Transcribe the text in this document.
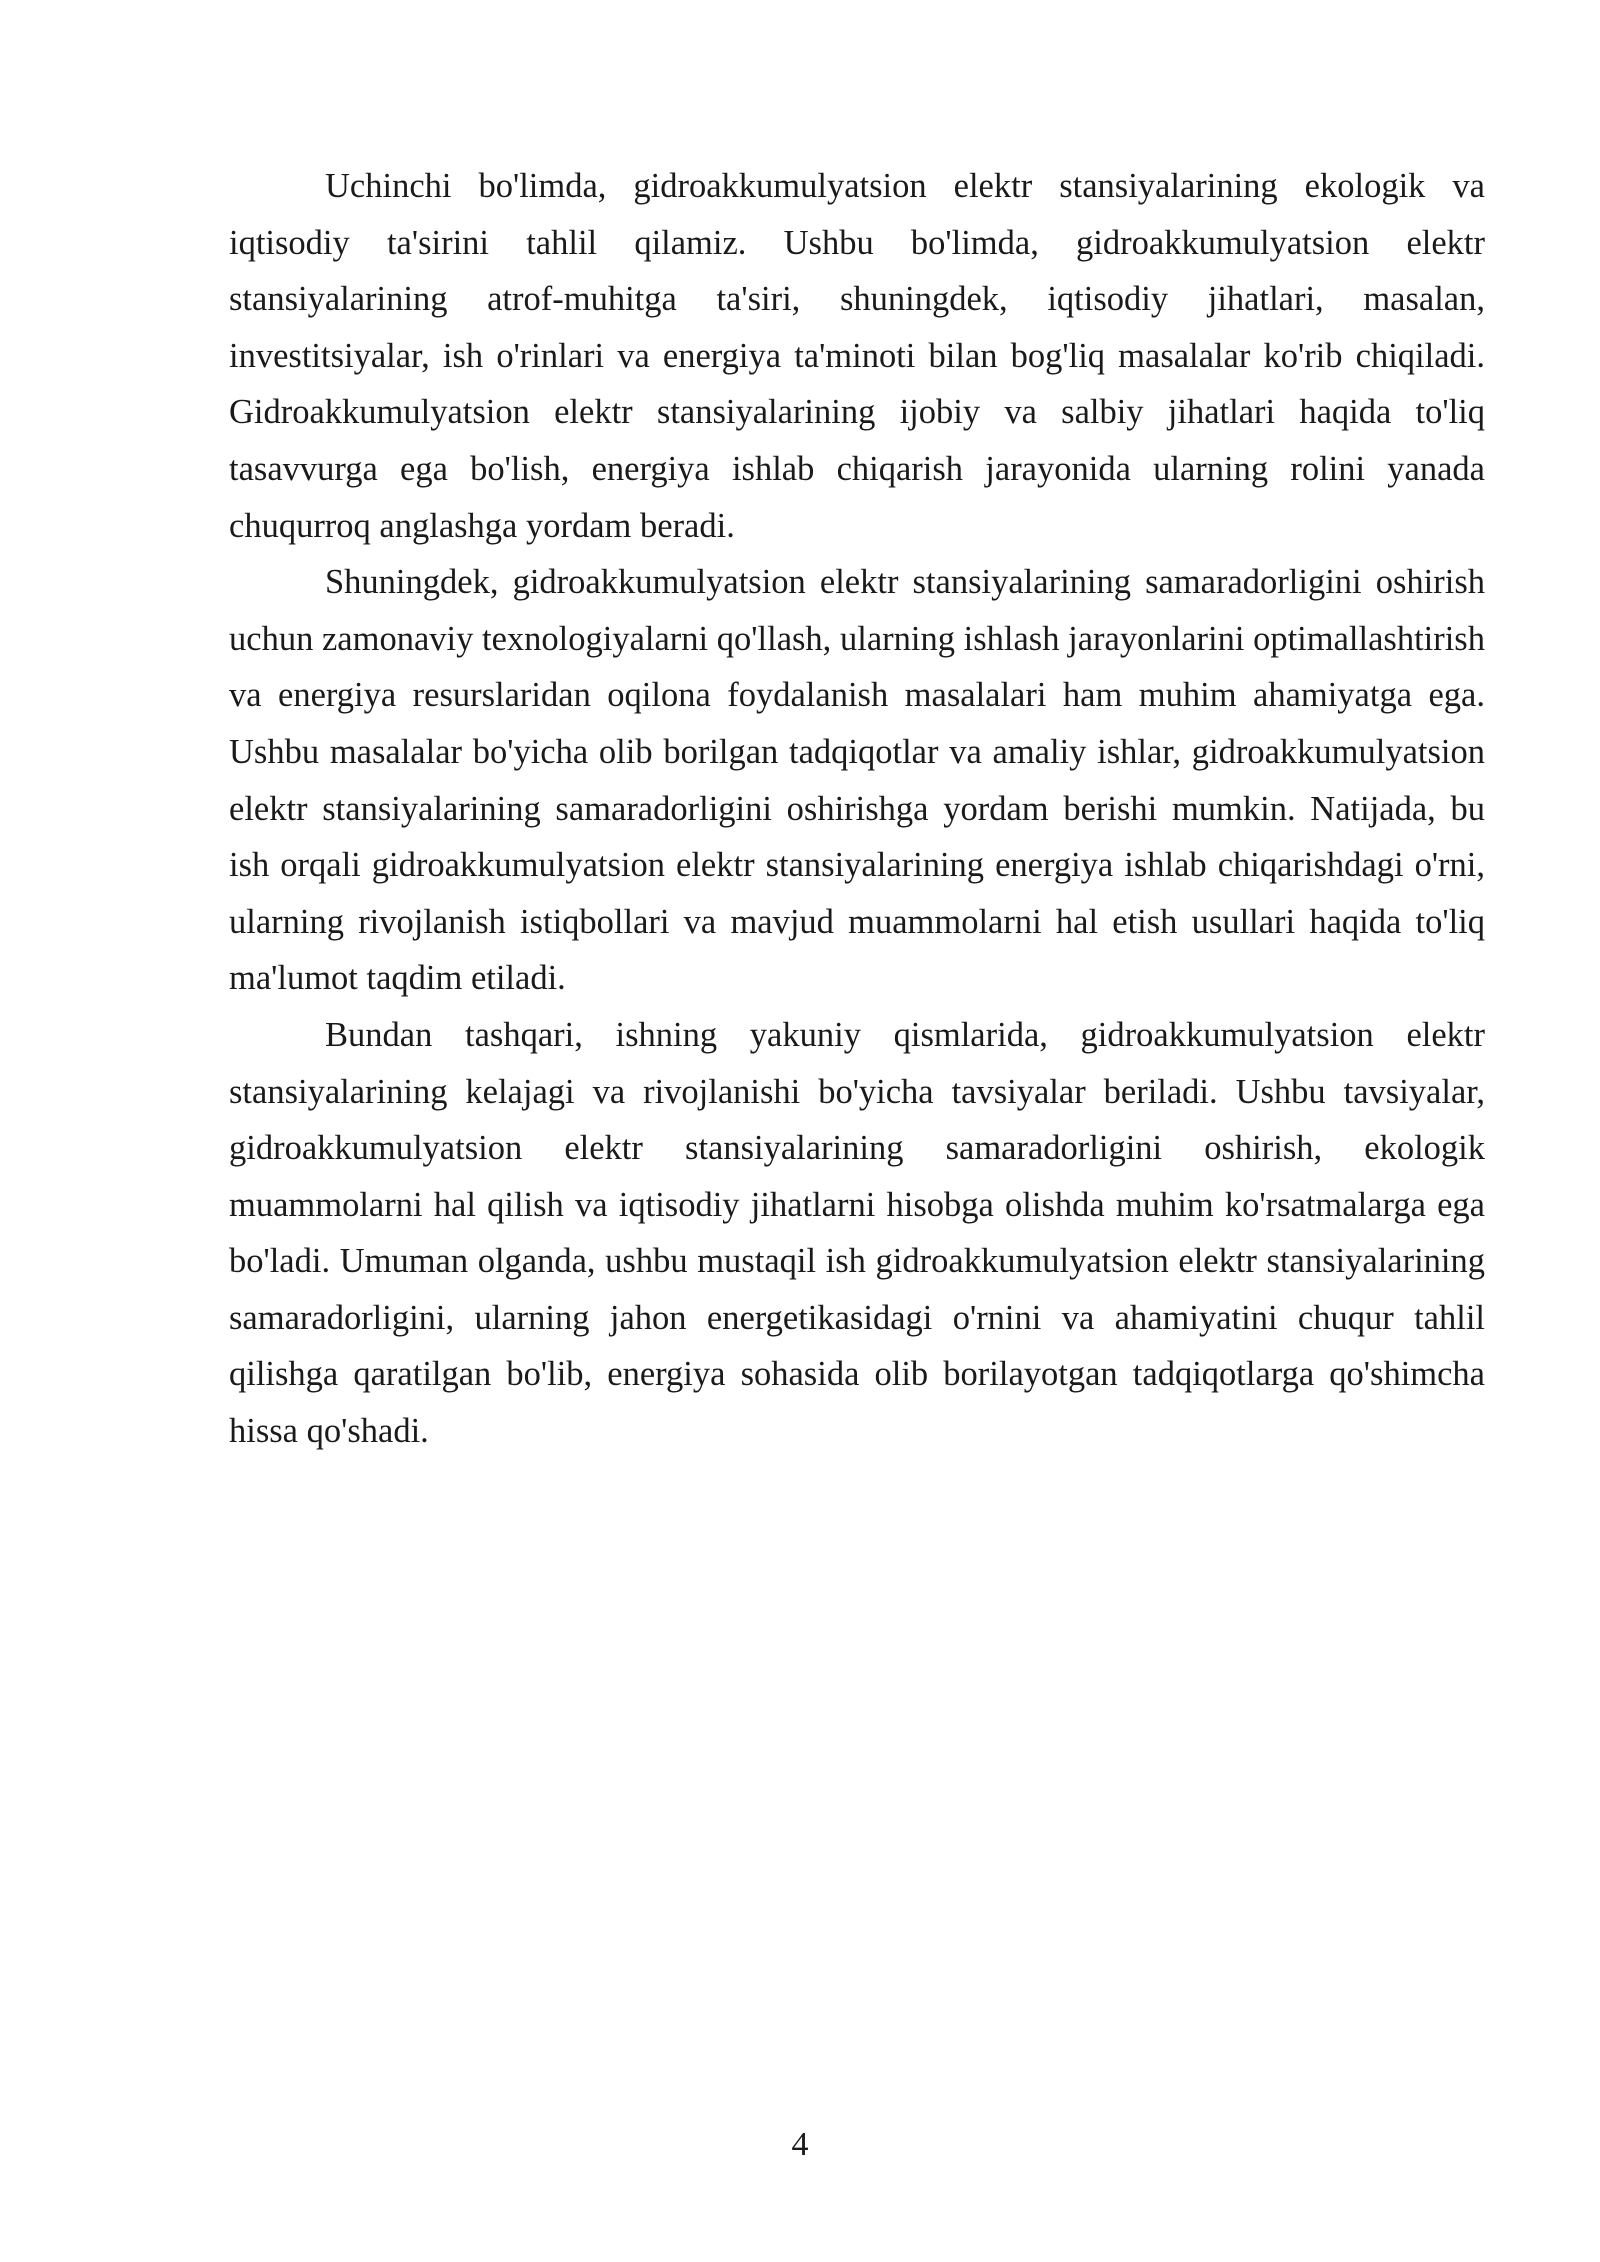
Uchinchi bo'limda, gidroakkumulyatsion elektr stansiyalarining ekologik va iqtisodiy ta'sirini tahlil qilamiz. Ushbu bo'limda, gidroakkumulyatsion elektr stansiyalarining atrof-muhitga ta'siri, shuningdek, iqtisodiy jihatlari, masalan, investitsiyalar, ish o'rinlari va energiya ta'minoti bilan bog'liq masalalar ko'rib chiqiladi. Gidroakkumulyatsion elektr stansiyalarining ijobiy va salbiy jihatlari haqida to'liq tasavvurga ega bo'lish, energiya ishlab chiqarish jarayonida ularning rolini yanada chuqurroq anglashga yordam beradi.

Shuningdek, gidroakkumulyatsion elektr stansiyalarining samaradorligini oshirish uchun zamonaviy texnologiyalarni qo'llash, ularning ishlash jarayonlarini optimallashtirish va energiya resurslaridan oqilona foydalanish masalalari ham muhim ahamiyatga ega. Ushbu masalalar bo'yicha olib borilgan tadqiqotlar va amaliy ishlar, gidroakkumulyatsion elektr stansiyalarining samaradorligini oshirishga yordam berishi mumkin. Natijada, bu ish orqali gidroakkumulyatsion elektr stansiyalarining energiya ishlab chiqarishdagi o'rni, ularning rivojlanish istiqbollari va mavjud muammolarni hal etish usullari haqida to'liq ma'lumot taqdim etiladi.

Bundan tashqari, ishning yakuniy qismlarida, gidroakkumulyatsion elektr stansiyalarining kelajagi va rivojlanishi bo'yicha tavsiyalar beriladi. Ushbu tavsiyalar, gidroakkumulyatsion elektr stansiyalarining samaradorligini oshirish, ekologik muammolarni hal qilish va iqtisodiy jihatlarni hisobga olishda muhim ko'rsatmalarga ega bo'ladi. Umuman olganda, ushbu mustaqil ish gidroakkumulyatsion elektr stansiyalarining samaradorligini, ularning jahon energetikasidagi o'rnini va ahamiyatini chuqur tahlil qilishga qaratilgan bo'lib, energiya sohasida olib borilayotgan tadqiqotlarga qo'shimcha hissa qo'shadi.

4
